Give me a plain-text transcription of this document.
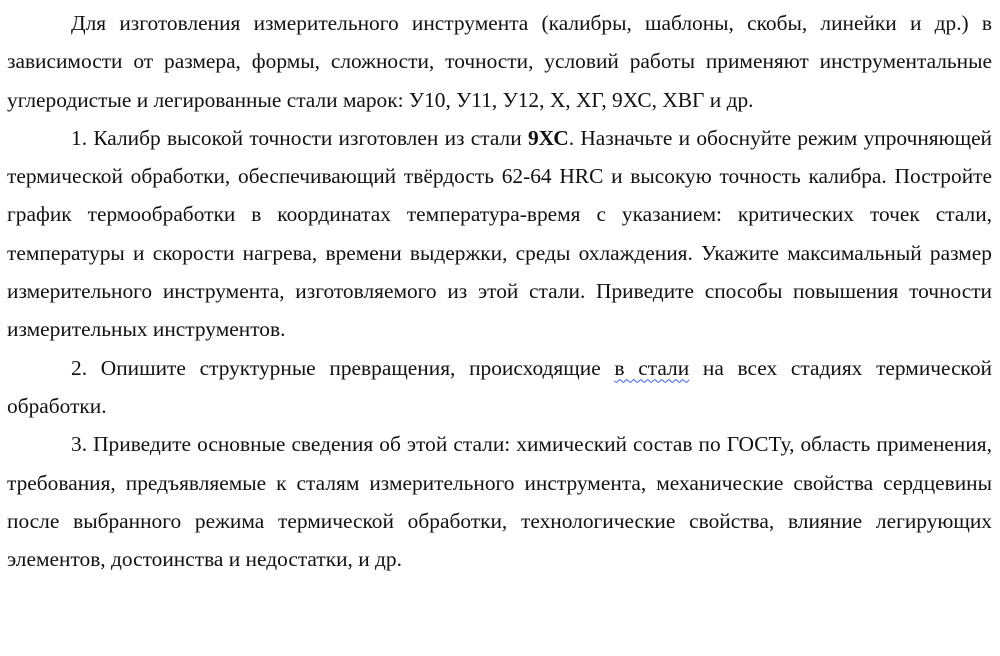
Для изготовления измерительного инструмента (калибры, шаблоны, скобы, линейки и др.) в зависимости от размера, формы, сложности, точности, условий работы применяют инструментальные углеродистые и легированные стали марок: У10, У11, У12, Х, ХГ, 9ХС, ХВГ и др.

1. Калибр высокой точности изготовлен из стали 9ХС. Назначьте и обоснуйте режим упрочняющей термической обработки, обеспечивающий твёрдость 62-64 HRC и высокую точность калибра. Постройте график термообработки в координатах температура-время с указанием: критических точек стали, температуры и скорости нагрева, времени выдержки, среды охлаждения. Укажите максимальный размер измерительного инструмента, изготовляемого из этой стали. Приведите способы повышения точности измерительных инструментов.

2. Опишите структурные превращения, происходящие в стали на всех стадиях термической обработки.

3. Приведите основные сведения об этой стали: химический состав по ГОСТу, область применения, требования, предъявляемые к сталям измерительного инструмента, механические свойства сердцевины после выбранного режима термической обработки, технологические свойства, влияние легирующих элементов, достоинства и недостатки, и др.
